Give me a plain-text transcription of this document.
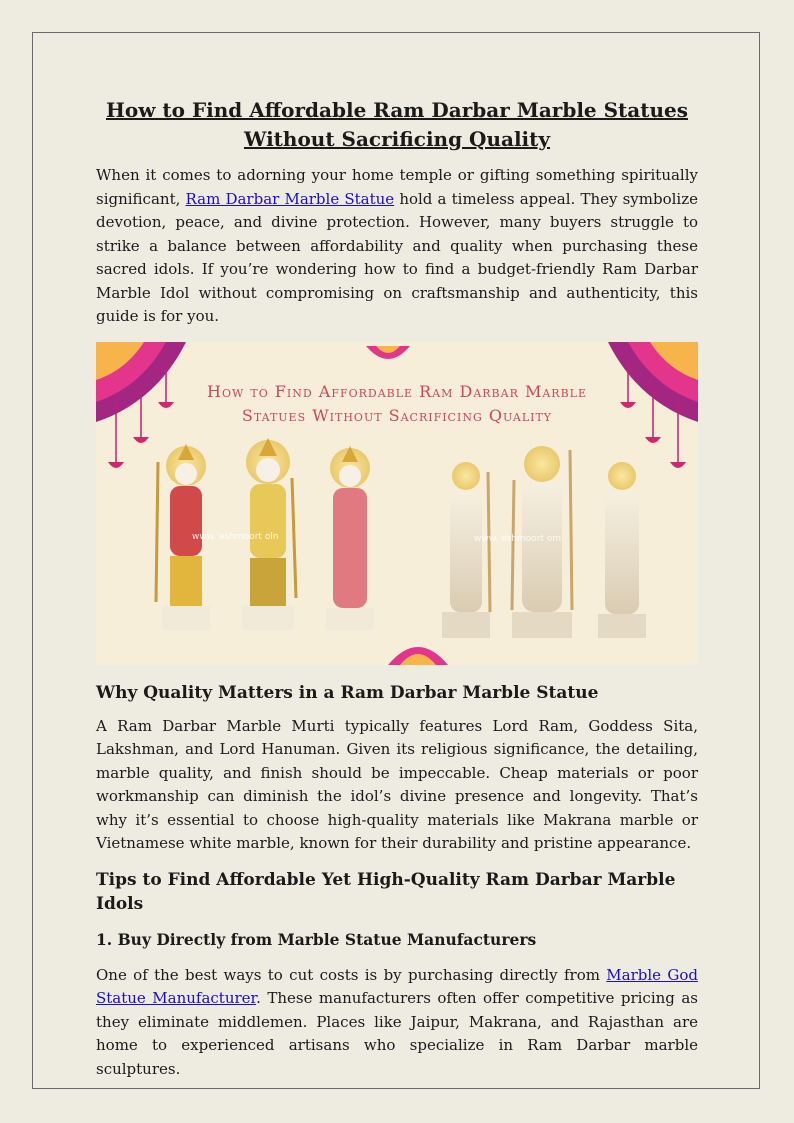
How to Find Affordable Ram Darbar Marble Statues Without Sacrificing Quality

When it comes to adorning your home temple or gifting something spiritually significant, Ram Darbar Marble Statue hold a timeless appeal. They symbolize devotion, peace, and divine protection. However, many buyers struggle to strike a balance between affordability and quality when purchasing these sacred idols. If you’re wondering how to find a budget-friendly Ram Darbar Marble Idol without compromising on craftsmanship and authenticity, this guide is for you.

How to Find Affordable Ram Darbar Marble
Statues Without Sacrificing Quality
www. eshmoort oln	www. eshmoort om
Why Quality Matters in a Ram Darbar Marble Statue

A Ram Darbar Marble Murti typically features Lord Ram, Goddess Sita, Lakshman, and Lord Hanuman. Given its religious significance, the detailing, marble quality, and finish should be impeccable. Cheap materials or poor workmanship can diminish the idol’s divine presence and longevity. That’s why it’s essential to choose high-quality materials like Makrana marble or Vietnamese white marble, known for their durability and pristine appearance.

Tips to Find Affordable Yet High-Quality Ram Darbar Marble Idols
1. Buy Directly from Marble Statue Manufacturers

One of the best ways to cut costs is by purchasing directly from Marble God Statue Manufacturer. These manufacturers often offer competitive pricing as they eliminate middlemen. Places like Jaipur, Makrana, and Rajasthan are home to experienced artisans who specialize in Ram Darbar marble sculptures.
